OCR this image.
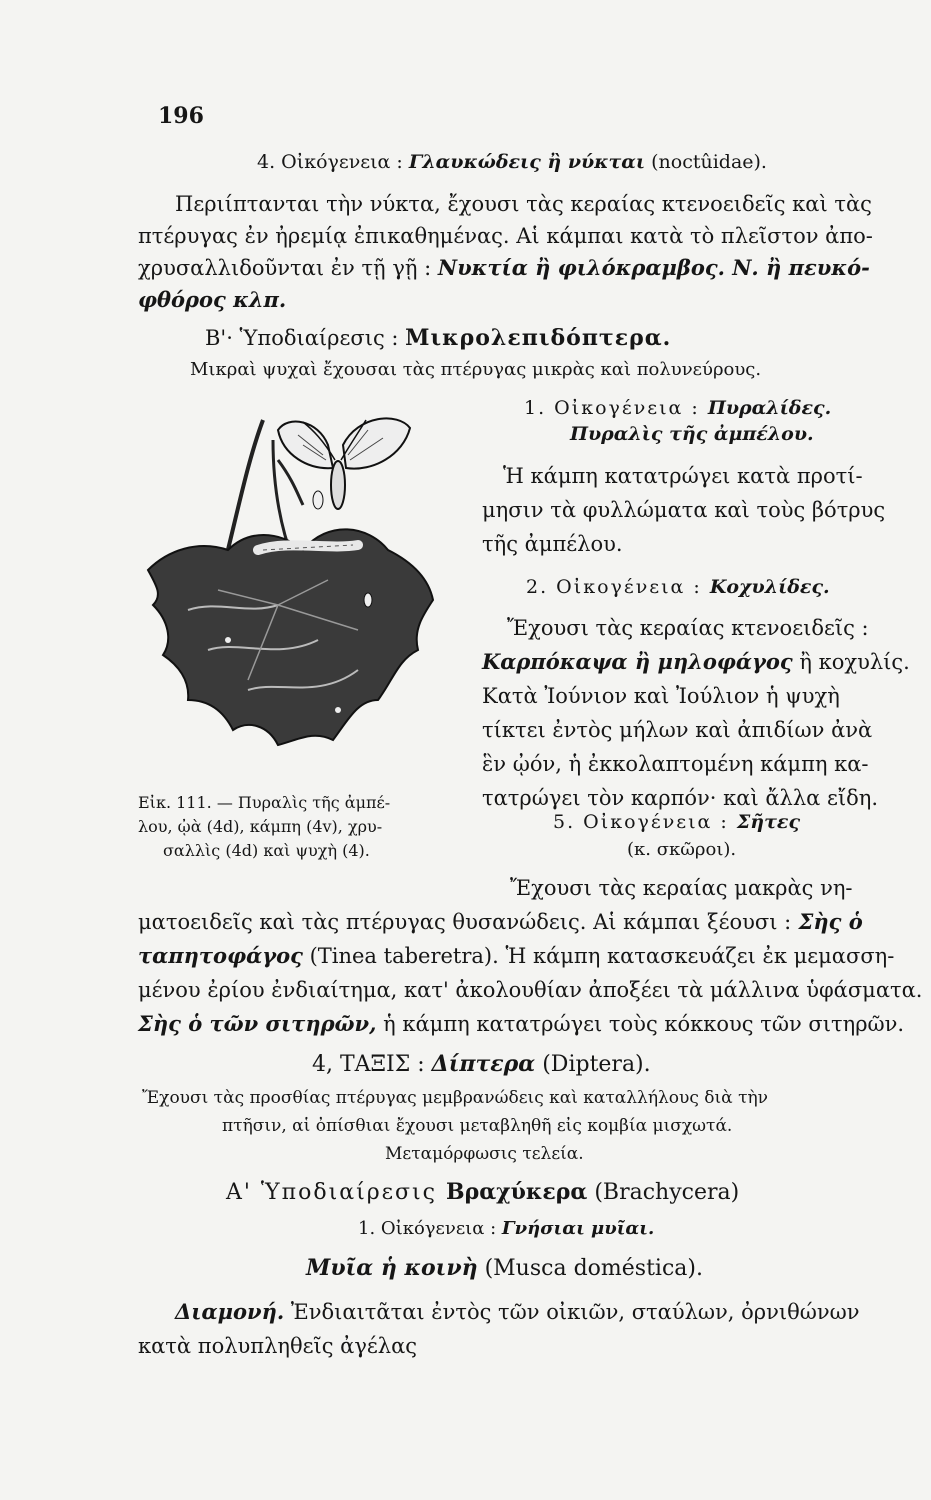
196
4. Οἰκόγενεια : Γλαυκώδεις ἢ νύκται (noctûidae).
Περιίπτανται τὴν νύκτα, ἔχουσι τὰς κεραίας κτενοειδεῖς καὶ τὰς
πτέρυγας ἐν ἠρεμίᾳ ἐπικαθημένας. Αἱ κάμπαι κατὰ τὸ πλεῖστον ἀπο-
χρυσαλλιδοῦνται ἐν τῇ γῇ : Νυκτία ἢ φιλόκραμβος. Ν. ἢ πευκό-
φθόρος κλπ.
Β'· Ὑποδιαίρεσις : Μικρολεπιδόπτερα.
Μικραὶ ψυχαὶ ἔχουσαι τὰς πτέρυγας μικρὰς καὶ πολυνεύρους.
1. Οἰκογένεια : Πυραλίδες.
Πυραλὶς τῆς ἀμπέλου.
Ἡ κάμπη κατατρώγει κατὰ προτί-
μησιν τὰ φυλλώματα καὶ τοὺς βότρυς
τῆς ἀμπέλου.
2. Οἰκογένεια : Κοχυλίδες.
Ἔχουσι τὰς κεραίας κτενοειδεῖς :
Καρπόκαψα ἢ μηλοφάγος ἢ κοχυλίς.
Κατὰ Ἰούνιον καὶ Ἰούλιον ἡ ψυχὴ
τίκτει ἐντὸς μήλων καὶ ἀπιδίων ἀνὰ
ἓν ᾠόν, ἡ ἐκκολαπτομένη κάμπη κα-
τατρώγει τὸν καρπόν· καὶ ἄλλα εἴδη.
Εἰκ. 111. — Πυραλὶς τῆς ἀμπέ-
λου, ᾠὰ (4d), κάμπη (4v), χρυ-
σαλλὶς (4d) καὶ ψυχὴ (4).
5. Οἰκογένεια : Σῆτες
(κ. σκῶροι).
Ἔχουσι τὰς κεραίας μακρὰς νη-
ματοειδεῖς καὶ τὰς πτέρυγας θυσανώδεις. Αἱ κάμπαι ξέουσι : Σὴς ὁ
ταπητοφάγος (Tinea taberetra). Ἡ κάμπη κατασκευάζει ἐκ μεμασση-
μένου ἐρίου ἐνδιαίτημα, κατ' ἀκολουθίαν ἀποξέει τὰ μάλλινα ὑφάσματα.
Σὴς ὁ τῶν σιτηρῶν, ἡ κάμπη κατατρώγει τοὺς κόκκους τῶν σιτηρῶν.
4, ΤΑΞΙΣ : Δίπτερα (Diptera).
Ἔχουσι τὰς προσθίας πτέρυγας μεμβρανώδεις καὶ καταλλήλους διὰ τὴν
πτῆσιν, αἱ ὀπίσθιαι ἔχουσι μεταβληθῆ εἰς κομβία μισχωτά.
Μεταμόρφωσις τελεία.
Α' Ὑποδιαίρεσις Βραχύκερα (Brachycera)
1. Οἰκόγενεια : Γνήσιαι μυῖαι.
Μυῖα ἡ κοινὴ (Musca doméstica).
Διαμονή. Ἐνδιαιτᾶται ἐντὸς τῶν οἰκιῶν, σταύλων, ὀρνιθώνων
κατὰ πολυπληθεῖς ἀγέλας
